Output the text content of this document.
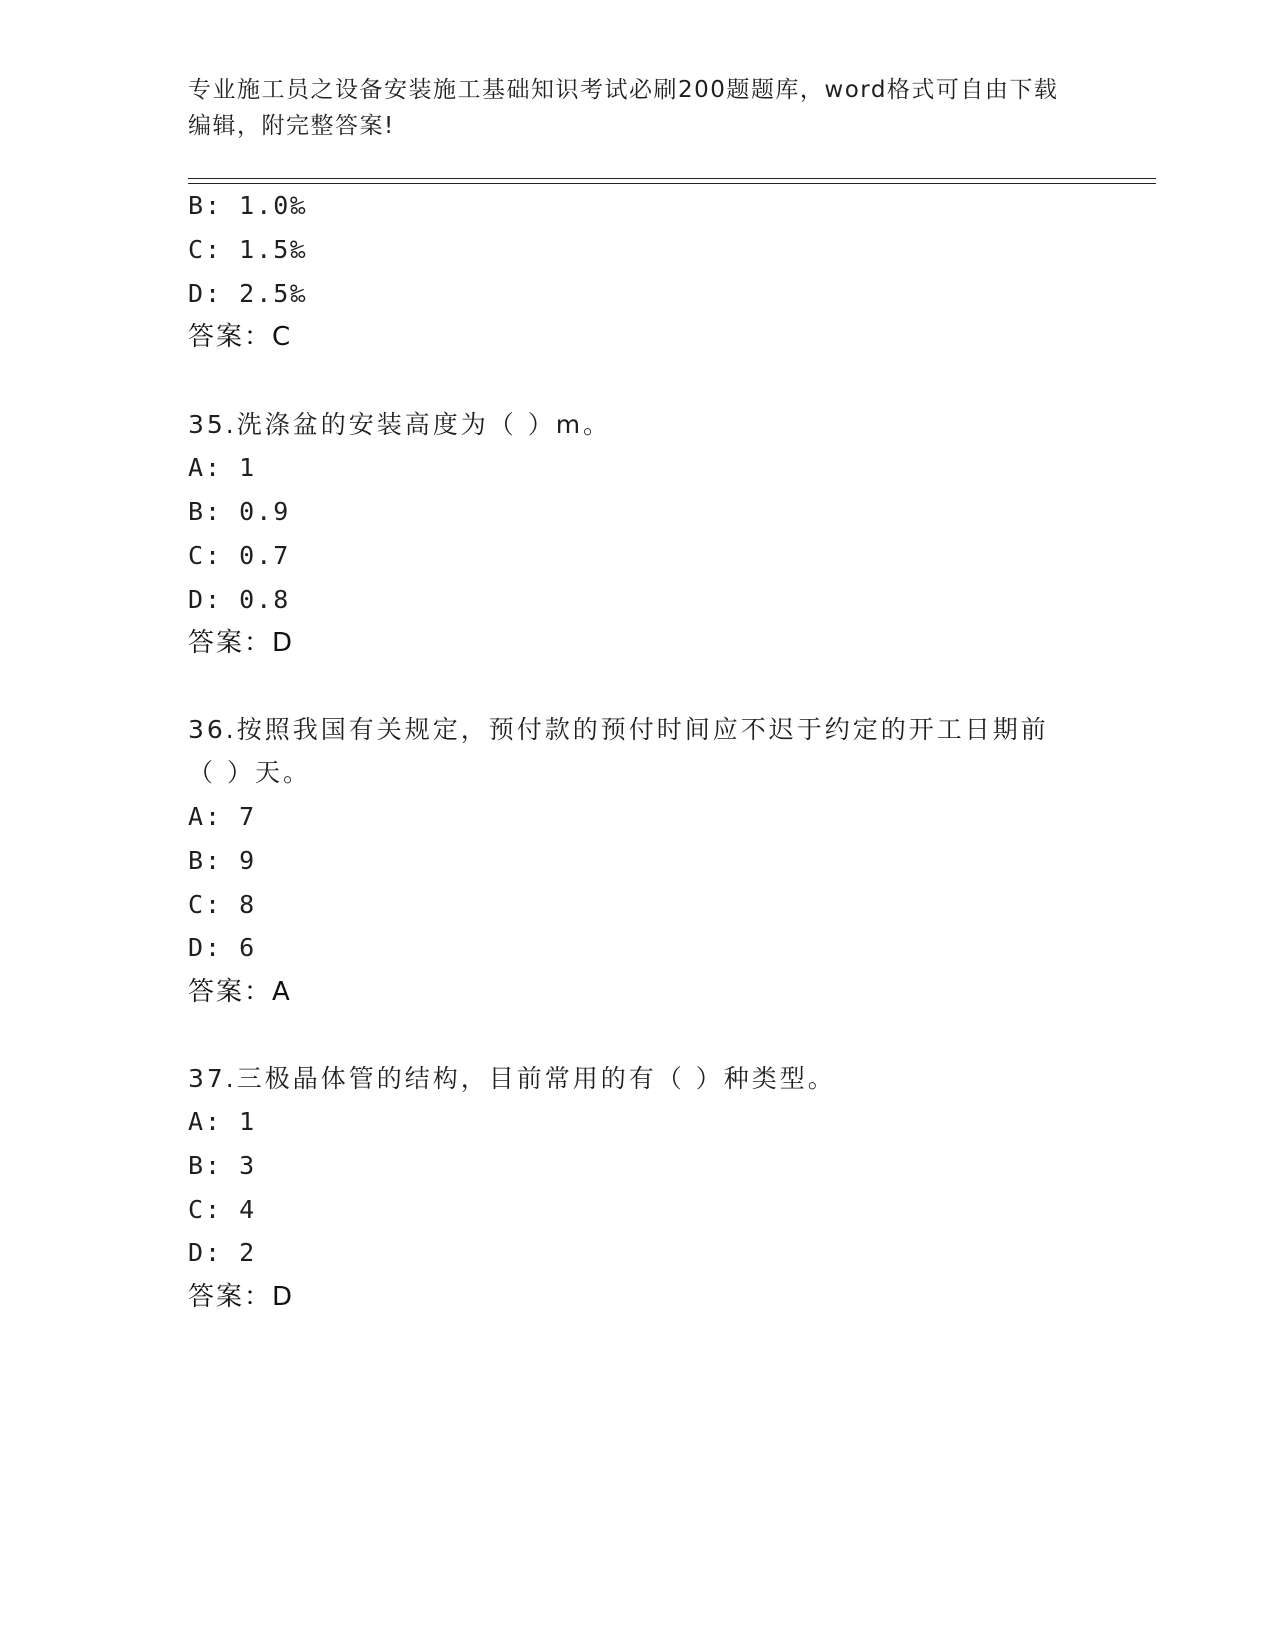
专业施工员之设备安装施工基础知识考试必刷200题题库，word格式可自由下载
编辑，附完整答案!
B: 1.0‰
C: 1.5‰
D: 2.5‰
答案：C
35.洗涤盆的安装高度为（ ）m。
A: 1
B: 0.9
C: 0.7
D: 0.8
答案：D
36.按照我国有关规定，预付款的预付时间应不迟于约定的开工日期前
（ ）天。
A: 7
B: 9
C: 8
D: 6
答案：A
37.三极晶体管的结构，目前常用的有（ ）种类型。
A: 1
B: 3
C: 4
D: 2
答案：D
